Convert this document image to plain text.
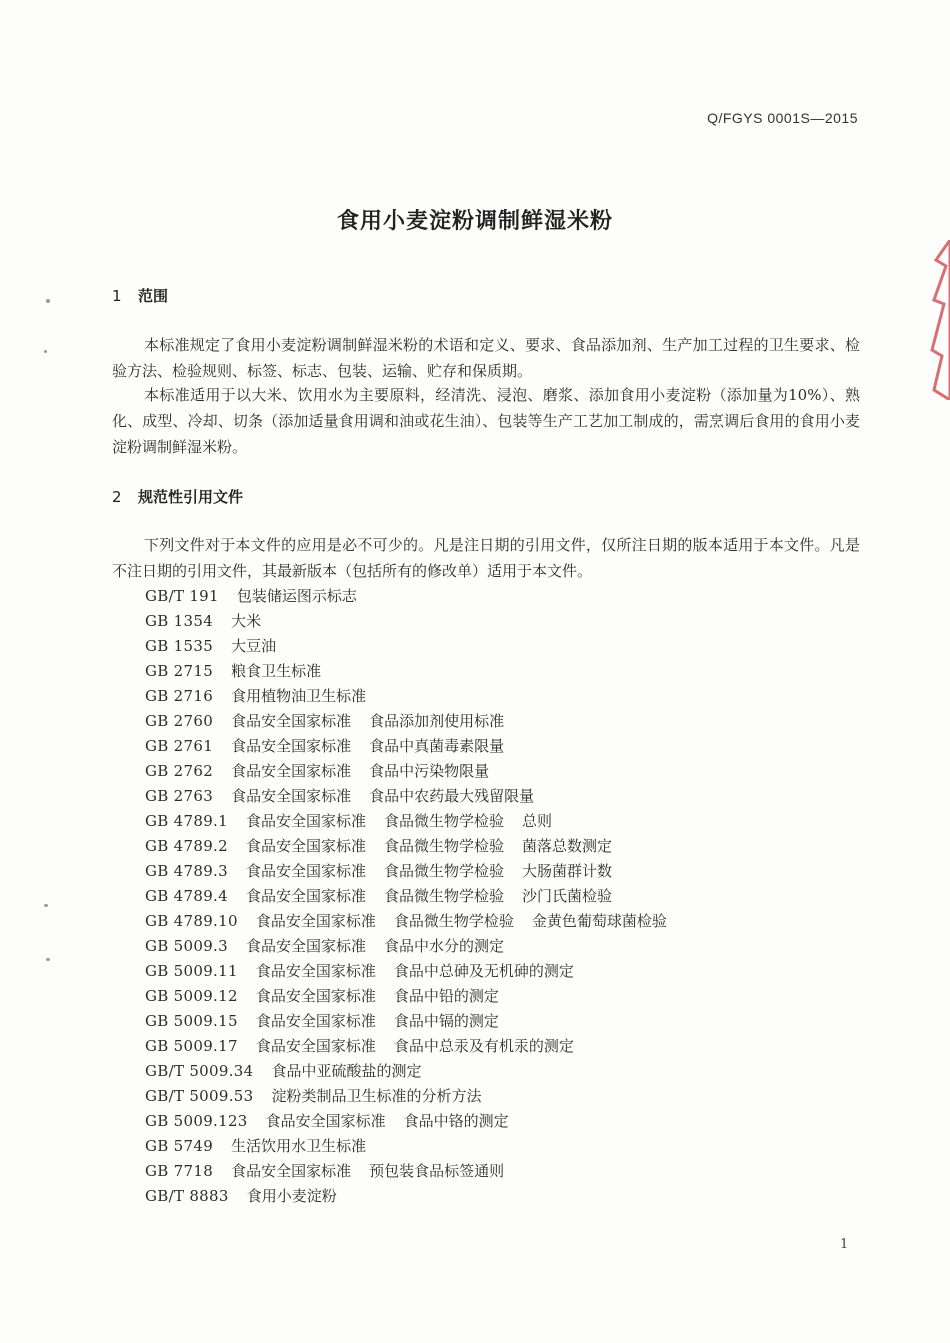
Q/FGYS 0001S—2015
食用小麦淀粉调制鲜湿米粉
1 范围
本标准规定了食用小麦淀粉调制鲜湿米粉的术语和定义、要求、食品添加剂、生产加工过程的卫生要求、检验方法、检验规则、标签、标志、包装、运输、贮存和保质期。
本标准适用于以大米、饮用水为主要原料，经清洗、浸泡、磨浆、添加食用小麦淀粉（添加量为10%）、熟化、成型、冷却、切条（添加适量食用调和油或花生油）、包装等生产工艺加工制成的，需烹调后食用的食用小麦淀粉调制鲜湿米粉。
2 规范性引用文件
下列文件对于本文件的应用是必不可少的。凡是注日期的引用文件，仅所注日期的版本适用于本文件。凡是不注日期的引用文件，其最新版本（包括所有的修改单）适用于本文件。
GB/T 191 包装储运图示标志
GB 1354 大米
GB 1535 大豆油
GB 2715 粮食卫生标准
GB 2716 食用植物油卫生标准
GB 2760 食品安全国家标准 食品添加剂使用标准
GB 2761 食品安全国家标准 食品中真菌毒素限量
GB 2762 食品安全国家标准 食品中污染物限量
GB 2763 食品安全国家标准 食品中农药最大残留限量
GB 4789.1 食品安全国家标准 食品微生物学检验 总则
GB 4789.2 食品安全国家标准 食品微生物学检验 菌落总数测定
GB 4789.3 食品安全国家标准 食品微生物学检验 大肠菌群计数
GB 4789.4 食品安全国家标准 食品微生物学检验 沙门氏菌检验
GB 4789.10 食品安全国家标准 食品微生物学检验 金黄色葡萄球菌检验
GB 5009.3 食品安全国家标准 食品中水分的测定
GB 5009.11 食品安全国家标准 食品中总砷及无机砷的测定
GB 5009.12 食品安全国家标准 食品中铅的测定
GB 5009.15 食品安全国家标准 食品中镉的测定
GB 5009.17 食品安全国家标准 食品中总汞及有机汞的测定
GB/T 5009.34 食品中亚硫酸盐的测定
GB/T 5009.53 淀粉类制品卫生标准的分析方法
GB 5009.123 食品安全国家标准 食品中铬的测定
GB 5749 生活饮用水卫生标准
GB 7718 食品安全国家标准 预包装食品标签通则
GB/T 8883 食用小麦淀粉
1
